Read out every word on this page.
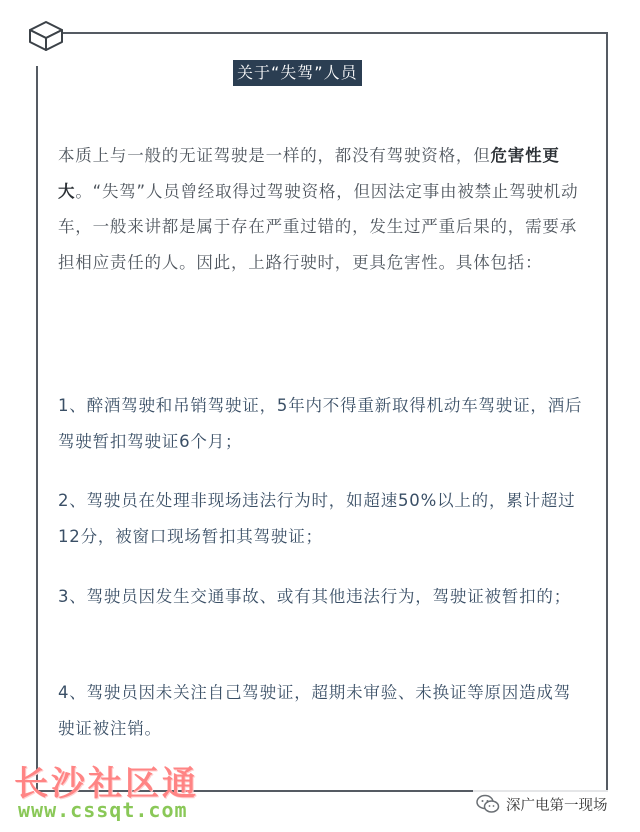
关于“失驾”人员

本质上与一般的无证驾驶是一样的，都没有驾驶资格，但危害性更大。“失驾”人员曾经取得过驾驶资格，但因法定事由被禁止驾驶机动车，一般来讲都是属于存在严重过错的，发生过严重后果的，需要承担相应责任的人。因此，上路行驶时，更具危害性。具体包括：

1、醉酒驾驶和吊销驾驶证，5年内不得重新取得机动车驾驶证，酒后驾驶暂扣驾驶证6个月；

2、驾驶员在处理非现场违法行为时，如超速50%以上的，累计超过12分，被窗口现场暂扣其驾驶证；

3、驾驶员因发生交通事故、或有其他违法行为，驾驶证被暂扣的；

4、驾驶员因未关注自己驾驶证，超期未审验、未换证等原因造成驾驶证被注销。

长沙社区通
www.cssqt.com	深广电第一现场
